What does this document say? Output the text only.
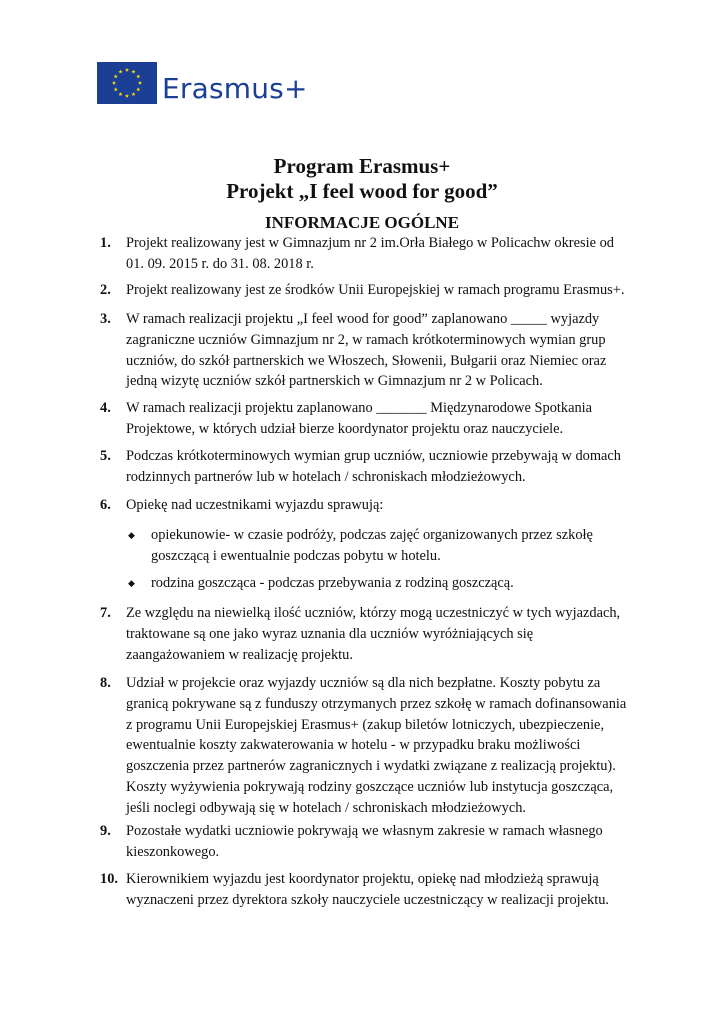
Erasmus+
Program Erasmus+
Projekt „I feel wood for good”
INFORMACJE OGÓLNE
1.	Projekt realizowany jest w Gimnazjum nr 2 im.Orła Białego w Policachw okresie od 01. 09. 2015 r. do 31. 08. 2018 r.
2.	Projekt realizowany jest ze środków Unii Europejskiej w ramach programu Erasmus+.
3.	W ramach realizacji projektu „I feel wood for good” zaplanowano _____ wyjazdy zagraniczne uczniów Gimnazjum nr 2, w ramach krótkoterminowych wymian grup uczniów, do szkół partnerskich we Włoszech, Słowenii, Bułgarii oraz Niemiec oraz jedną wizytę uczniów szkół partnerskich w Gimnazjum nr 2 w Policach.
4.	W ramach realizacji projektu zaplanowano _______ Międzynarodowe Spotkania Projektowe, w których udział bierze koordynator projektu oraz nauczyciele.
5.	Podczas krótkoterminowych wymian grup uczniów, uczniowie przebywają w domach rodzinnych partnerów lub w hotelach / schroniskach młodzieżowych.
6.	Opiekę nad uczestnikami wyjazdu sprawują:
◆ opiekunowie- w czasie podróży, podczas zajęć organizowanych przez szkołę goszczącą i ewentualnie podczas pobytu w hotelu.
◆ rodzina goszcząca - podczas przebywania z rodziną goszczącą.
7.	Ze względu na niewielką ilość uczniów, którzy mogą uczestniczyć w tych wyjazdach, traktowane są one jako wyraz uznania dla uczniów wyróżniających się zaangażowaniem w realizację projektu.
8.	Udział w projekcie oraz wyjazdy uczniów są dla nich bezpłatne. Koszty pobytu za granicą pokrywane są z funduszy otrzymanych przez szkołę w ramach dofinansowania z programu Unii Europejskiej Erasmus+ (zakup biletów lotniczych, ubezpieczenie, ewentualnie koszty zakwaterowania w hotelu - w przypadku braku możliwości goszczenia przez partnerów zagranicznych i wydatki związane z realizacją projektu). Koszty wyżywienia pokrywają rodziny goszczące uczniów lub instytucja goszcząca, jeśli noclegi odbywają się w hotelach / schroniskach młodzieżowych.
9.	Pozostałe wydatki uczniowie pokrywają we własnym zakresie w ramach własnego kieszonkowego.
10. Kierownikiem wyjazdu jest koordynator projektu, opiekę nad młodzieżą sprawują wyznaczeni przez dyrektora szkoły nauczyciele uczestniczący w realizacji projektu.
